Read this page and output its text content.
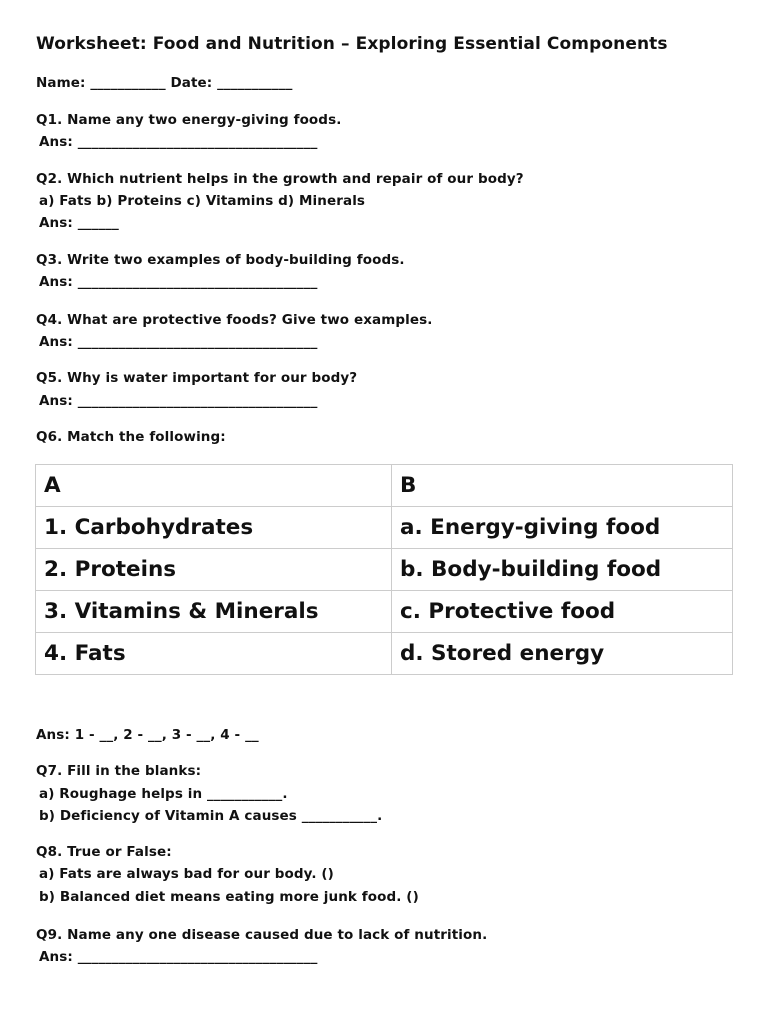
Worksheet: Food and Nutrition – Exploring Essential Components
Name: ___________ Date: ___________
Q1. Name any two energy-giving foods.
Ans: ___________________________________
Q2. Which nutrient helps in the growth and repair of our body?
a) Fats b) Proteins c) Vitamins d) Minerals
Ans: ______
Q3. Write two examples of body-building foods.
Ans: ___________________________________
Q4. What are protective foods? Give two examples.
Ans: ___________________________________
Q5. Why is water important for our body?
Ans: ___________________________________
Q6. Match the following:
A	B
1. Carbohydrates	a. Energy-giving food
2. Proteins	b. Body-building food
3. Vitamins & Minerals	c. Protective food
4. Fats	d. Stored energy
Ans: 1 - __, 2 - __, 3 - __, 4 - __
Q7. Fill in the blanks:
a) Roughage helps in ___________.
b) Deficiency of Vitamin A causes ___________.
Q8. True or False:
a) Fats are always bad for our body. ()
b) Balanced diet means eating more junk food. ()
Q9. Name any one disease caused due to lack of nutrition.
Ans: ___________________________________
